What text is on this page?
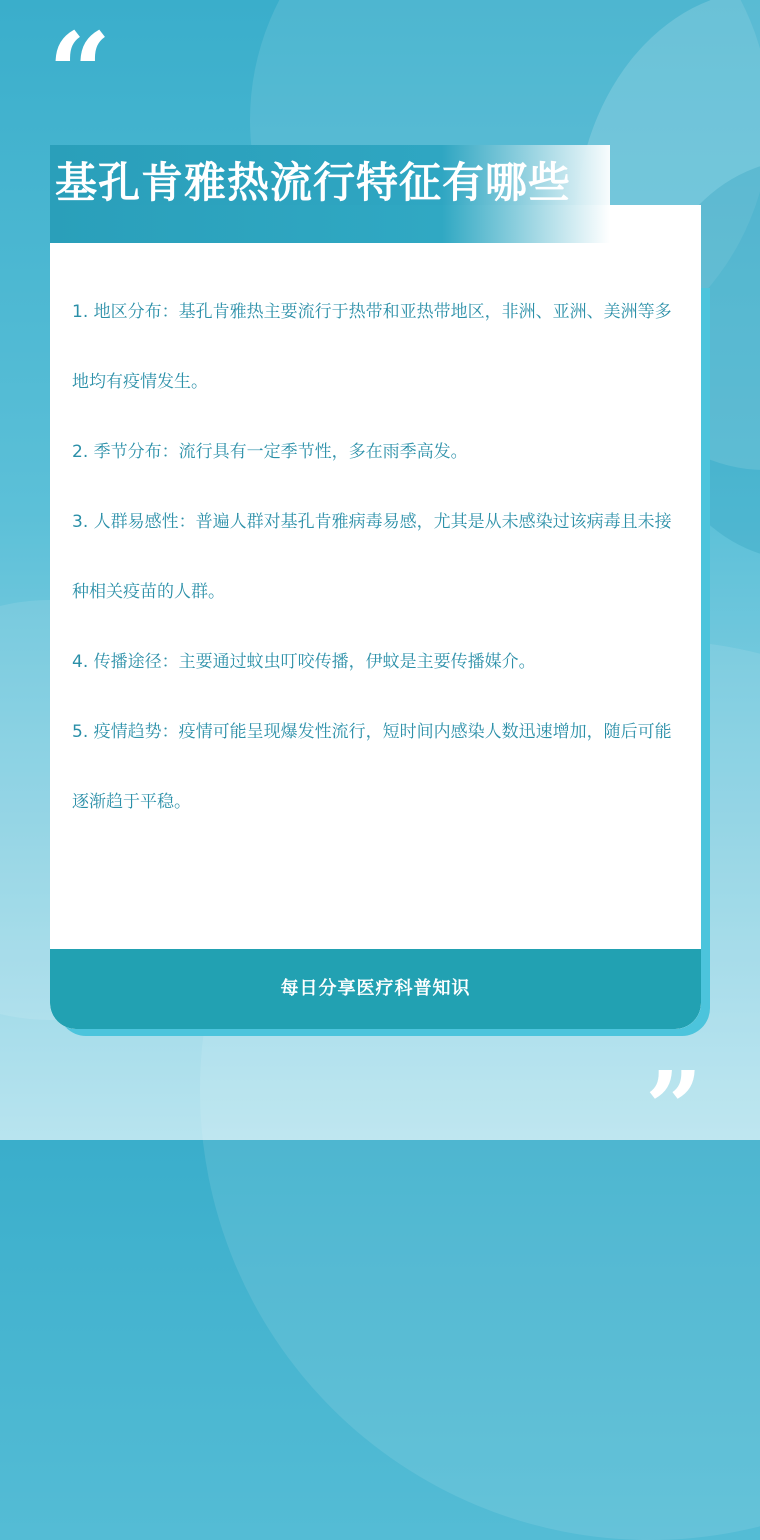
“

1. 地区分布：基孔肯雅热主要流行于热带和亚热带地区，非洲、亚洲、美洲等多地均有疫情发生。

2. 季节分布：流行具有一定季节性，多在雨季高发。

3. 人群易感性：普遍人群对基孔肯雅病毒易感，尤其是从未感染过该病毒且未接种相关疫苗的人群。

4. 传播途径：主要通过蚊虫叮咬传播，伊蚊是主要传播媒介。

5. 疫情趋势：疫情可能呈现爆发性流行，短时间内感染人数迅速增加，随后可能逐渐趋于平稳。

每日分享医疗科普知识
基孔肯雅热流行特征有哪些
”
